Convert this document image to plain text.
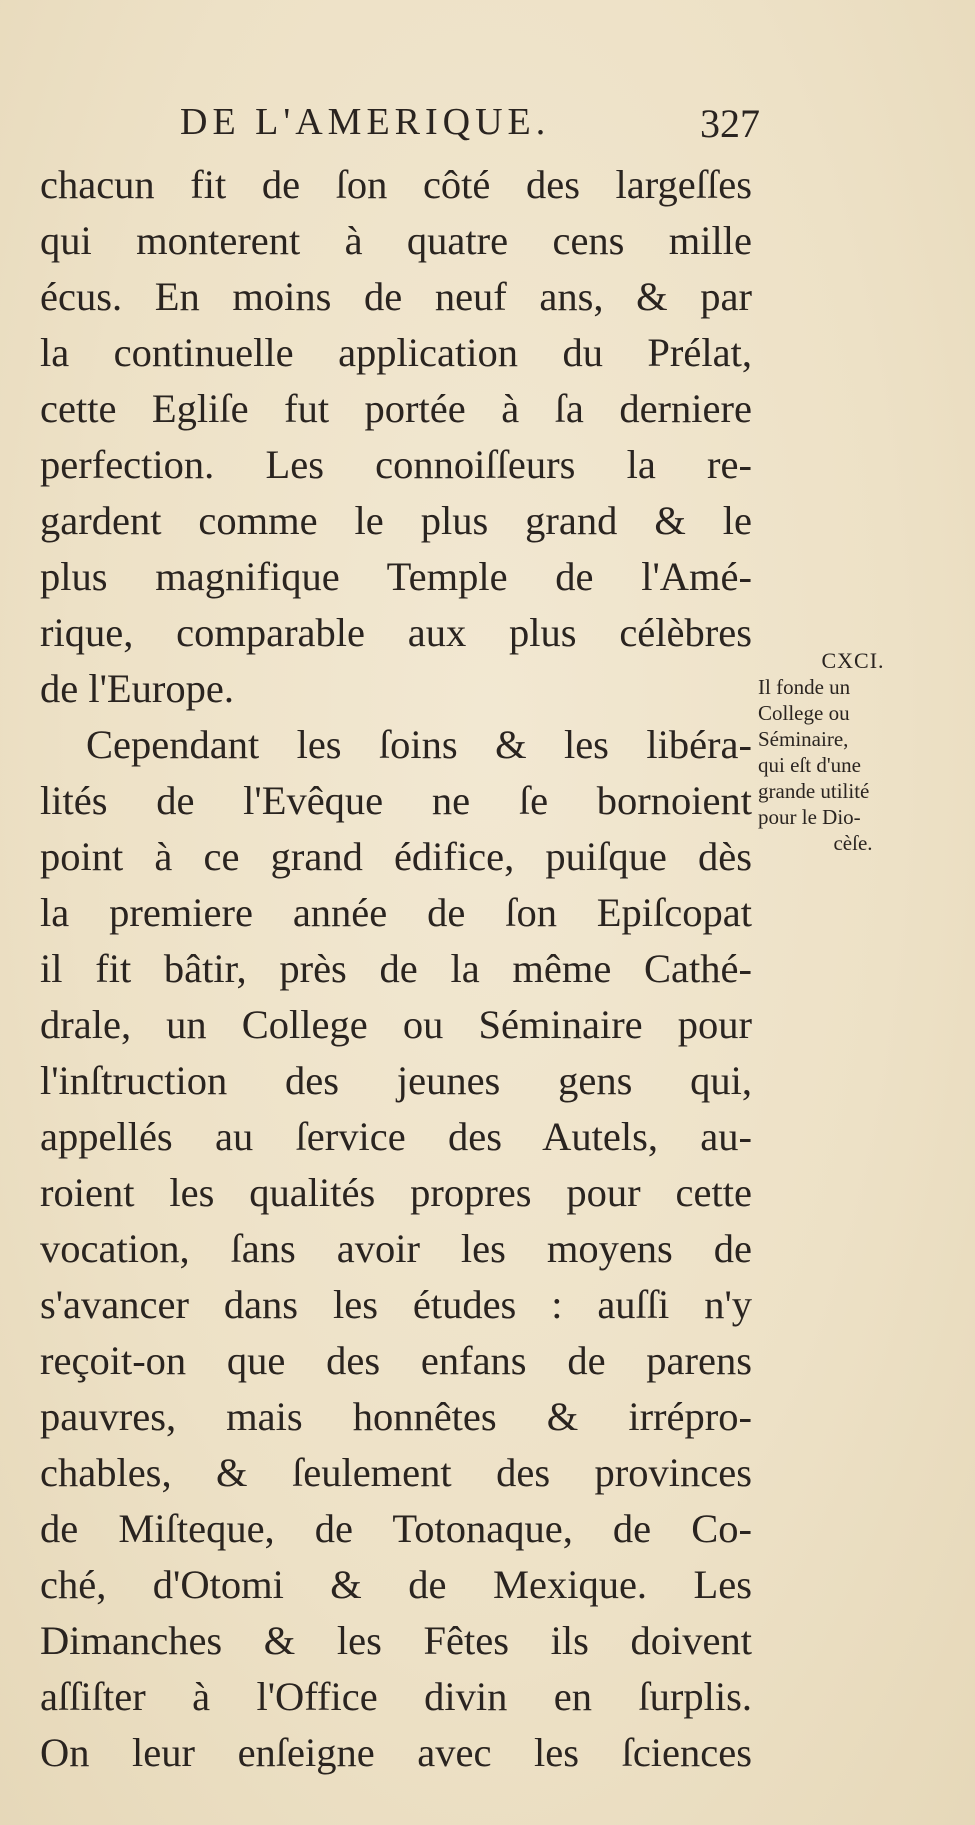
DE L'AMERIQUE.	327
chacun fit de ſon côté des largeſſes
qui monterent à quatre cens mille
écus. En moins de neuf ans, & par
la continuelle application du Prélat,
cette Egliſe fut portée à ſa derniere
perfection. Les connoiſſeurs la re-
gardent comme le plus grand & le
plus magnifique Temple de l'Amé-
rique, comparable aux plus célèbres
de l'Europe.
Cependant les ſoins & les libéra-
lités de l'Evêque ne ſe bornoient
point à ce grand édifice, puiſque dès
la premiere année de ſon Epiſcopat
il fit bâtir, près de la même Cathé-
drale, un College ou Séminaire pour
l'inſtruction des jeunes gens qui,
appellés au ſervice des Autels, au-
roient les qualités propres pour cette
vocation, ſans avoir les moyens de
s'avancer dans les études : auſſi n'y
reçoit-on que des enfans de parens
pauvres, mais honnêtes & irrépro-
chables, & ſeulement des provinces
de Miſteque, de Totonaque, de Co-
ché, d'Otomi & de Mexique. Les
Dimanches & les Fêtes ils doivent
aſſiſter à l'Office divin en ſurplis.
On leur enſeigne avec les ſciences
CXCI.
Il fonde un
College ou
Séminaire,
qui eſt d'une
grande utilité
pour le Dio-
cèſe.
